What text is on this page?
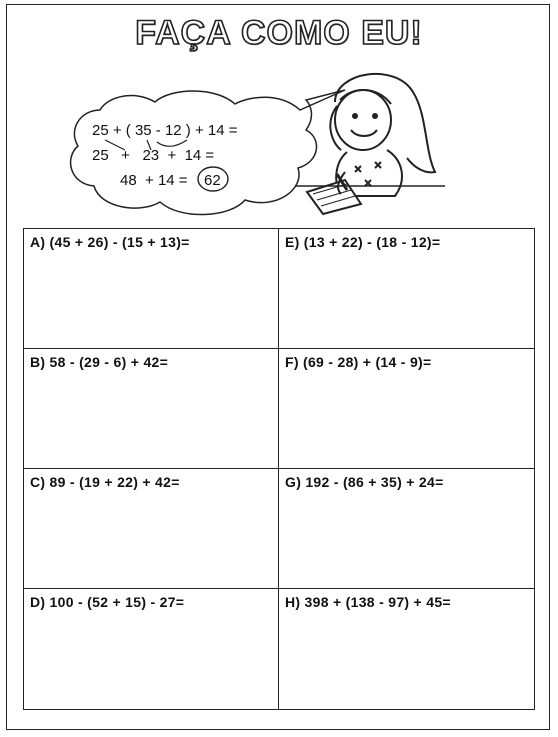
FAÇA COMO EU!
25 + ( 35 - 12 ) + 14 =
25   +   23  +  14 =
48  + 14 = 62
A) (45 + 26) - (15 + 13)=	E) (13 + 22) - (18 - 12)=
B) 58 - (29 - 6) + 42=	F) (69 - 28) + (14 - 9)=
C) 89 - (19 + 22) + 42=	G) 192 - (86 + 35) + 24=
D) 100 - (52 + 15) - 27=	H) 398 + (138 - 97) + 45=
